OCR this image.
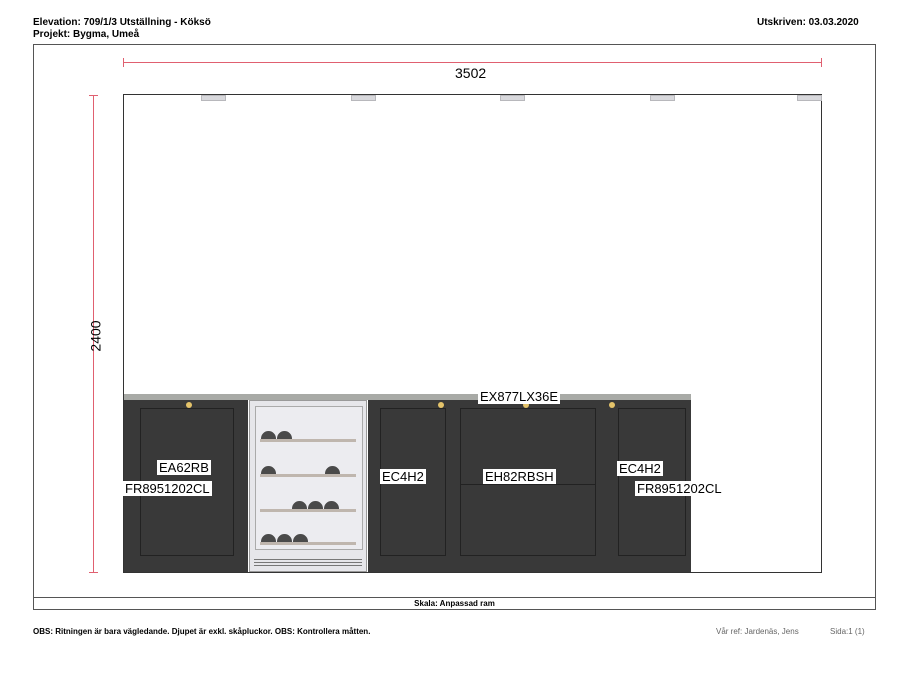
Elevation: 709/1/3 Utställning - Köksö
Projekt: Bygma, Umeå
Utskriven: 03.03.2020
3502
2400
EX877LX36E
EA62RB
FR8951202CL
EC4H2	EH82RBSH
EC4H2
FR8951202CL
Skala: Anpassad ram
OBS: Ritningen är bara vägledande. Djupet är exkl. skåpluckor. OBS: Kontrollera måtten.	Vår ref: Jardenäs, Jens	Sida:1 (1)
